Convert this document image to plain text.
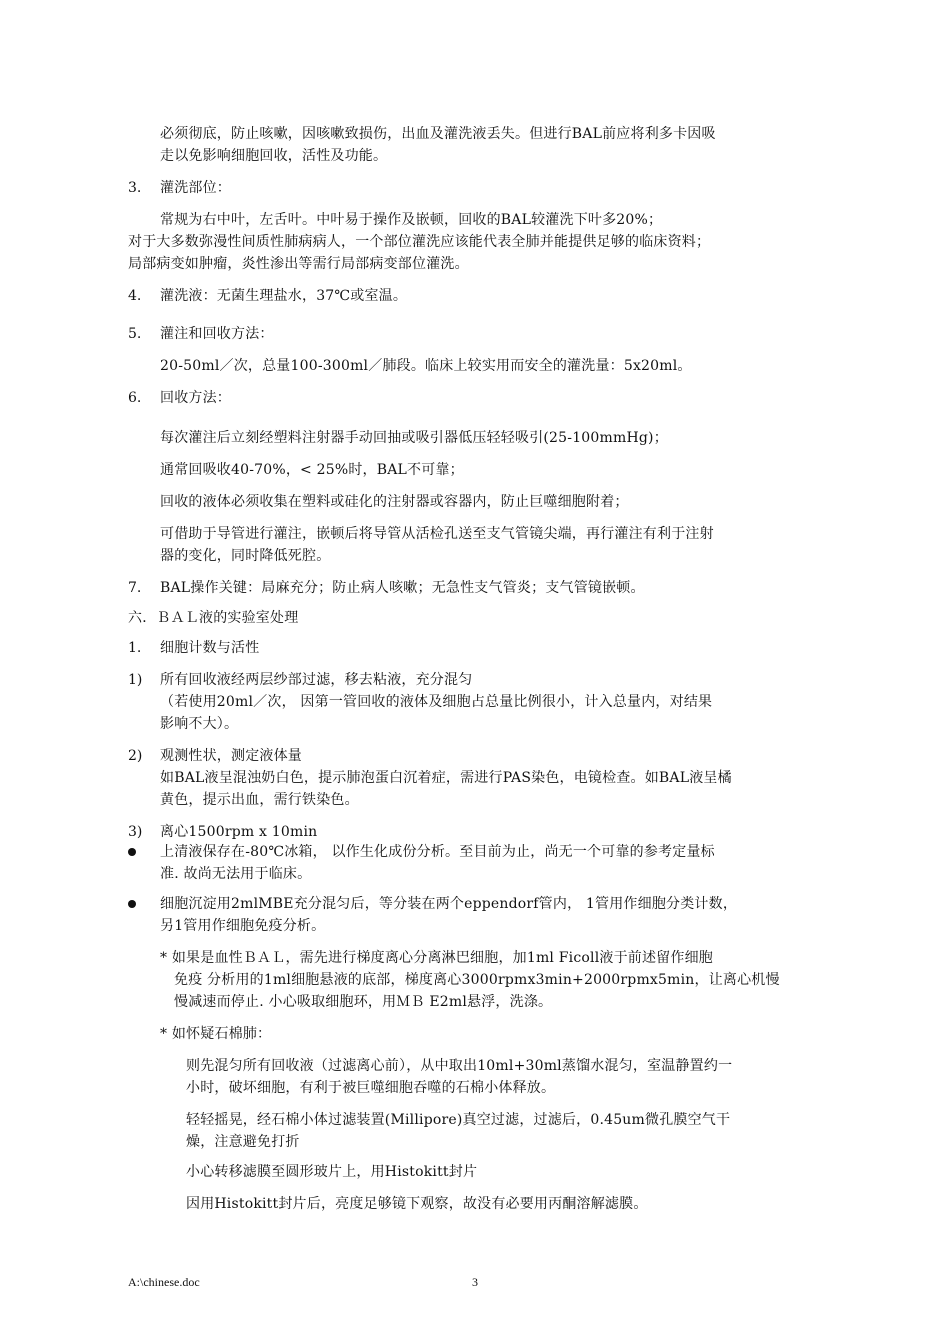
必须彻底，防止咳嗽，因咳嗽致损伤，出血及灌洗液丢失。但进行BAL前应将利多卡因吸
走以免影响细胞回收，活性及功能。
3. 灌洗部位：
常规为右中叶，左舌叶。中叶易于操作及嵌顿，回收的BAL较灌洗下叶多20%；
对于大多数弥漫性间质性肺病病人，一个部位灌洗应该能代表全肺并能提供足够的临床资料；
局部病变如肿瘤，炎性渗出等需行局部病变部位灌洗。
4. 灌洗液：无菌生理盐水，37℃或室温。
5. 灌注和回收方法：
20-50ml／次，总量100-300ml／肺段。临床上较实用而安全的灌洗量：5x20ml。
6. 回收方法：
每次灌注后立刻经塑料注射器手动回抽或吸引器低压轻轻吸引(25-100mmHg)；
通常回吸收40-70%，< 25%时，BAL不可靠；
回收的液体必须收集在塑料或硅化的注射器或容器内，防止巨噬细胞附着；
可借助于导管进行灌注，嵌顿后将导管从活检孔送至支气管镜尖端，再行灌注有利于注射
器的变化，同时降低死腔。
7. BAL操作关键：局麻充分；防止病人咳嗽；无急性支气管炎；支气管镜嵌顿。
六．ＢＡＬ液的实验室处理
1. 细胞计数与活性
1) 所有回收液经两层纱部过滤，移去粘液，充分混匀
（若使用20ml／次， 因第一管回收的液体及细胞占总量比例很小，计入总量内，对结果
影响不大）。
2) 观测性状，测定液体量
如BAL液呈混浊奶白色，提示肺泡蛋白沉着症，需进行PAS染色，电镜检查。如BAL液呈橘
黄色，提示出血，需行铁染色。
3) 离心1500rpm x 10min
上清液保存在-80℃冰箱， 以作生化成份分析。至目前为止，尚无一个可靠的参考定量标
准. 故尚无法用于临床。
细胞沉淀用2mlMBE充分混匀后，等分装在两个eppendorf管内， 1管用作细胞分类计数，
另1管用作细胞免疫分析。
* 如果是血性ＢＡＬ，需先进行梯度离心分离淋巴细胞，加1ml Ficoll液于前述留作细胞
免疫 分析用的1ml细胞悬液的底部，梯度离心3000rpmx3min+2000rpmx5min，让离心机慢
慢减速而停止. 小心吸取细胞环，用ＭＢ E2ml悬浮，洗涤。
* 如怀疑石棉肺：
则先混匀所有回收液（过滤离心前），从中取出10ml+30ml蒸馏水混匀，室温静置约一
小时，破坏细胞，有利于被巨噬细胞吞噬的石棉小体释放。
轻轻摇晃，经石棉小体过滤装置(Millipore)真空过滤，过滤后，0.45um微孔膜空气干
燥，注意避免打折
小心转移滤膜至圆形玻片上，用Histokitt封片
因用Histokitt封片后，亮度足够镜下观察，故没有必要用丙酮溶解滤膜。
A:\chinese.doc	3
